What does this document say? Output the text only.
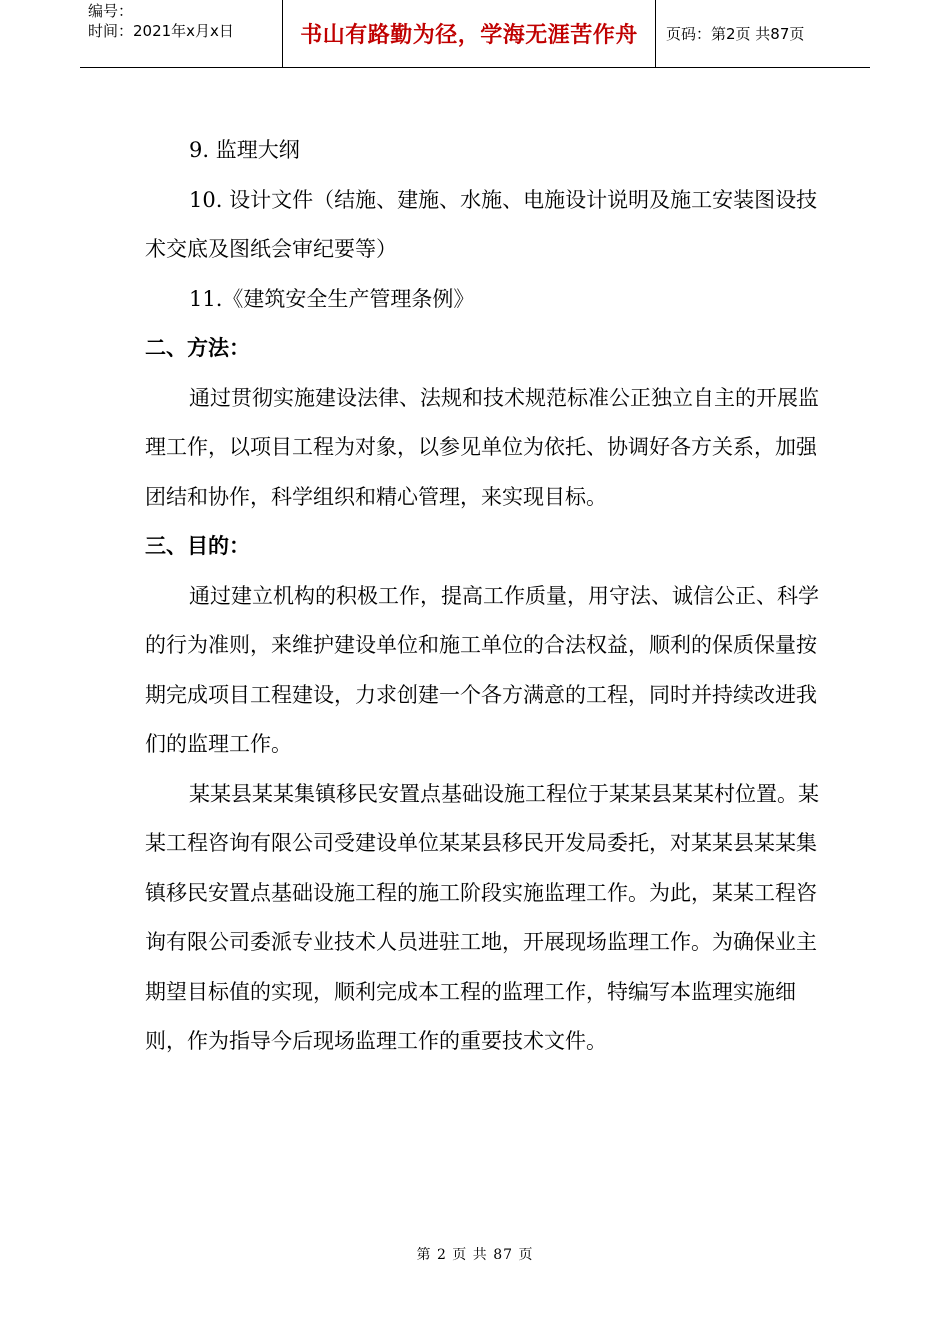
编号：
时间：2021年x月x日	书山有路勤为径，学海无涯苦作舟 页码：第2页 共87页

9. 监理大纲

10. 设计文件（结施、建施、水施、电施设计说明及施工安装图设技术交底及图纸会审纪要等）

11.《建筑安全生产管理条例》

二、方法：

通过贯彻实施建设法律、法规和技术规范标准公正独立自主的开展监理工作，以项目工程为对象，以参见单位为依托、协调好各方关系，加强团结和协作，科学组织和精心管理，来实现目标。

三、目的：

通过建立机构的积极工作，提高工作质量，用守法、诚信公正、科学的行为准则，来维护建设单位和施工单位的合法权益，顺利的保质保量按期完成项目工程建设，力求创建一个各方满意的工程，同时并持续改进我们的监理工作。

某某县某某集镇移民安置点基础设施工程位于某某县某某村位置。某某工程咨询有限公司受建设单位某某县移民开发局委托，对某某县某某集镇移民安置点基础设施工程的施工阶段实施监理工作。为此，某某工程咨询有限公司委派专业技术人员进驻工地，开展现场监理工作。为确保业主期望目标值的实现，顺利完成本工程的监理工作，特编写本监理实施细则，作为指导今后现场监理工作的重要技术文件。

第 2 页 共 87 页
